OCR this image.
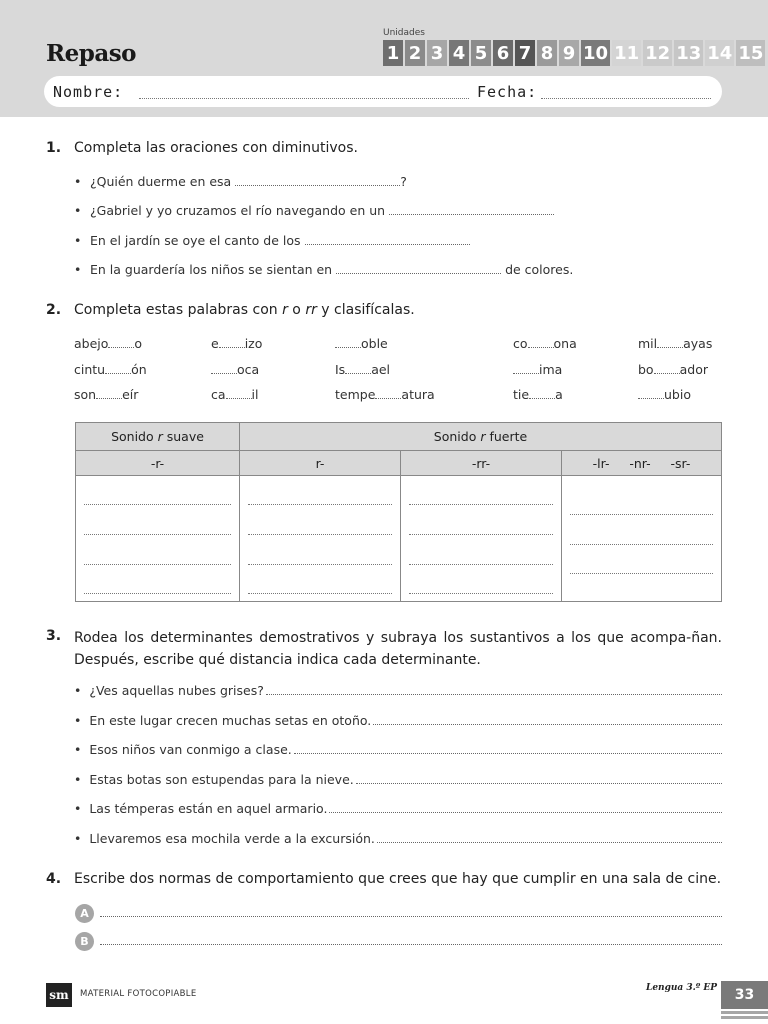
Repaso
Unidades
1 2 3 4 5 6 7 8 9 10 11 12 13 14 15
Nombre:	Fecha:
1. Completa las oraciones con diminutivos.
• ¿Quién duerme en esa	?
• ¿Gabriel y yo cruzamos el río navegando en un
• En el jardín se oye el canto de los
• En la guardería los niños se sientan en	de colores.
2. Completa estas palabras con r o rr y clasifícalas.
abejo o	e izo	oble	co ona	mil ayas
cintu ón	oca	Is ael	ima	bo ador
son eír	ca il	tempe atura	tie a	ubio
Sonido r suave	Sonido r fuerte		
-r-	r-	-rr-	-lr-     -nr-     -sr-

3. Rodea los determinantes demostrativos y subraya los sustantivos a los que acompa-ñan. Después, escribe qué distancia indica cada determinante.
•  ¿Ves aquellas nubes grises?
•  En este lugar crecen muchas setas en otoño.
•  Esos niños van conmigo a clase.
•  Estas botas son estupendas para la nieve.
•  Las témperas están en aquel armario.
•  Llevaremos esa mochila verde a la excursión.
4. Escribe dos normas de comportamiento que crees que hay que cumplir en una sala de cine.
A
B
sm	MATERIAL FOTOCOPIABLE
Lengua 3.º EP	33
